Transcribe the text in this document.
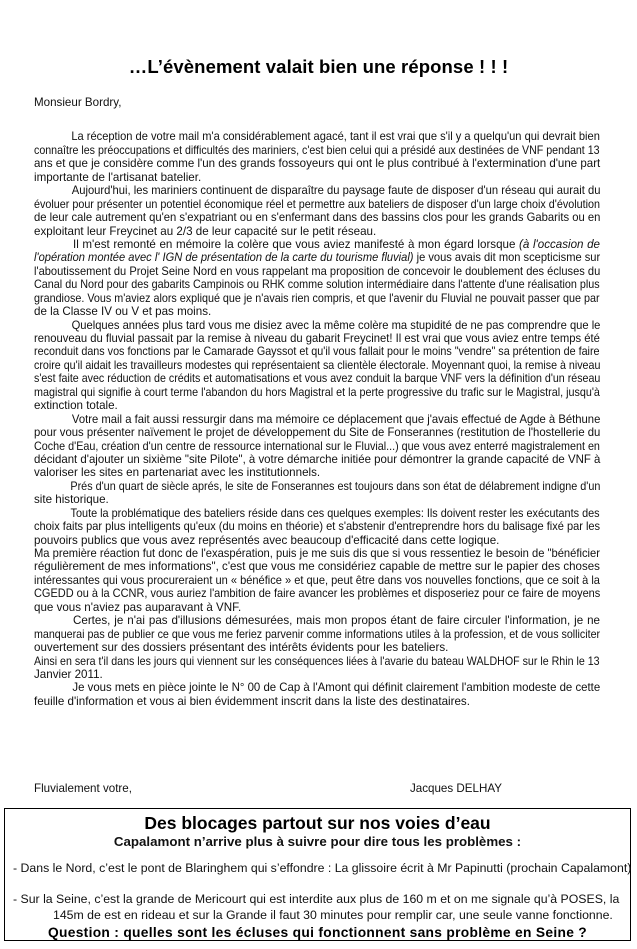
…L’évènement valait bien une réponse ! ! !
Monsieur Bordry,
La réception de votre mail m'a considérablement agacé, tant il est vrai que s'il y a quelqu'un qui devrait bien
connaître les préoccupations et difficultés des mariniers, c'est bien celui qui a présidé aux destinées de VNF pendant 13
ans et que je considère comme l'un des grands fossoyeurs qui ont le plus contribué à l'extermination d'une part
importante de l'artisanat batelier.
Aujourd'hui, les mariniers continuent de disparaître du paysage faute de disposer d'un réseau qui aurait du
évoluer pour présenter un potentiel économique réel et permettre aux bateliers de disposer d'un large choix d'évolution
de leur cale autrement qu'en s'expatriant ou en s'enfermant dans des bassins clos pour les grands Gabarits ou en
exploitant leur Freycinet au 2/3 de leur capacité sur le petit réseau.
Il m'est remonté en mémoire la colère que vous aviez manifesté à mon égard lorsque (à l'occasion de
l'opération montée avec l' IGN de présentation de la carte du tourisme fluvial) je vous avais dit mon scepticisme sur
l'aboutissement du Projet Seine Nord en vous rappelant ma proposition de concevoir le doublement des écluses du
Canal du Nord pour des gabarits Campinois ou RHK comme solution intermédiaire dans l'attente d'une réalisation plus
grandiose. Vous m'aviez alors expliqué que je n'avais rien compris, et que l'avenir du Fluvial ne pouvait passer que par
de la Classe IV ou V et pas moins.
Quelques années plus tard vous me disiez avec la même colère ma stupidité de ne pas comprendre que le
renouveau du fluvial passait par la remise à niveau du gabarit Freycinet! Il est vrai que vous aviez entre temps été
reconduit dans vos fonctions par le Camarade Gayssot et qu'il vous fallait pour le moins "vendre" sa prétention de faire
croire qu'il aidait les travailleurs modestes qui représentaient sa clientèle électorale. Moyennant quoi, la remise à niveau
s'est faite avec réduction de crédits et automatisations et vous avez conduit la barque VNF vers la définition d'un réseau
magistral qui signifie à court terme l'abandon du hors Magistral et la perte progressive du trafic sur le Magistral, jusqu'à
extinction totale.
Votre mail a fait aussi ressurgir dans ma mémoire ce déplacement que j'avais effectué de Agde à Béthune
pour vous présenter naïvement le projet de développement du Site de Fonserannes (restitution de l'hostellerie du
Coche d'Eau, création d'un centre de ressource international sur le Fluvial...) que vous avez enterré magistralement en
décidant d'ajouter un sixième "site Pilote", à votre démarche initiée pour démontrer la grande capacité de VNF à
valoriser les sites en partenariat avec les institutionnels.
Prés d'un quart de siècle aprés, le site de Fonserannes est toujours dans son état de délabrement indigne d'un
site historique.
Toute la problématique des bateliers réside dans ces quelques exemples: Ils doivent rester les exécutants des
choix faits par plus intelligents qu'eux (du moins en théorie) et s'abstenir d'entreprendre hors du balisage fixé par les
pouvoirs publics que vous avez représentés avec beaucoup d'efficacité dans cette logique.
Ma première réaction fut donc de l'exaspération, puis je me suis dis que si vous ressentiez le besoin de "bénéficier
régulièrement de mes informations", c'est que vous me considériez capable de mettre sur le papier des choses
intéressantes qui vous procureraient un « bénéfice » et que, peut être dans vos nouvelles fonctions, que ce soit à la
CGEDD ou à la CCNR, vous auriez l'ambition de faire avancer les problèmes et disposeriez pour ce faire de moyens
que vous n'aviez pas auparavant à VNF.
Certes, je n'ai pas d'illusions démesurées, mais mon propos étant de faire circuler l'information, je ne
manquerai pas de publier ce que vous me feriez parvenir comme informations utiles à la profession, et de vous solliciter
ouvertement sur des dossiers présentant des intérêts évidents pour les bateliers.
Ainsi en sera t'il dans les jours qui viennent sur les conséquences liées à l'avarie du bateau WALDHOF sur le Rhin le 13
Janvier 2011.
Je vous mets en pièce jointe le N° 00 de Cap à l'Amont qui définit clairement l'ambition modeste de cette
feuille d'information et vous ai bien évidemment inscrit dans la liste des destinataires.
Fluvialement votre,	Jacques DELHAY
Des blocages partout sur nos voies d’eau
Capalamont n’arrive plus à suivre pour dire tous les problèmes :
- Dans le Nord, c’est le pont de Blaringhem qui s’effondre : La glissoire écrit à Mr Papinutti (prochain Capalamont)
- Sur la Seine, c’est la grande de Mericourt qui est interdite aux plus de 160 m et on me signale qu’à POSES, la
145m de est en rideau et sur la Grande il faut 30 minutes pour remplir car, une seule vanne fonctionne.
Question : quelles sont les écluses qui fonctionnent sans problème en Seine ?
